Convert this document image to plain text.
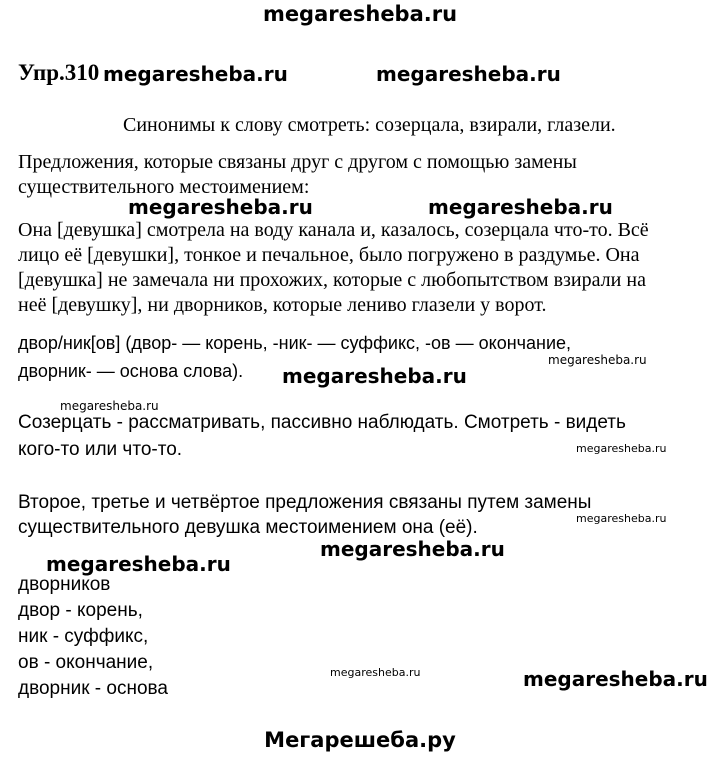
megaresheba.ru
Упр.310 megaresheba.ru	megaresheba.ru
Синонимы к слову смотреть: созерцала, взирали, глазели.
Предложения, которые связаны друг с другом с помощью замены
существительного местоимением:
megaresheba.ru	megaresheba.ru
Она [девушка] смотрела на воду канала и, казалось, созерцала что-то. Всё
лицо её [девушки], тонкое и печальное, было погружено в раздумье. Она
[девушка] не замечала ни прохожих, которые с любопытством взирали на
неё [девушку], ни дворников, которые лениво глазели у ворот.
двор/ник[ов] (двор- — корень, -ник- — суффикс, -ов — окончание,
megaresheba.ru
дворник- — основа слова). megaresheba.ru
megaresheba.ru
Созерцать - рассматривать, пассивно наблюдать. Смотреть - видеть
кого-то или что-то.	megaresheba.ru
Второе, третье и четвёртое предложения связаны путем замены
megaresheba.ru
существительного девушка местоимением она (её).
megaresheba.ru
megaresheba.ru
дворников
двор - корень,
ник - суффикс,
ов - окончание,
дворник - основа
megaresheba.ru	megaresheba.ru
Мегарешеба.ру
